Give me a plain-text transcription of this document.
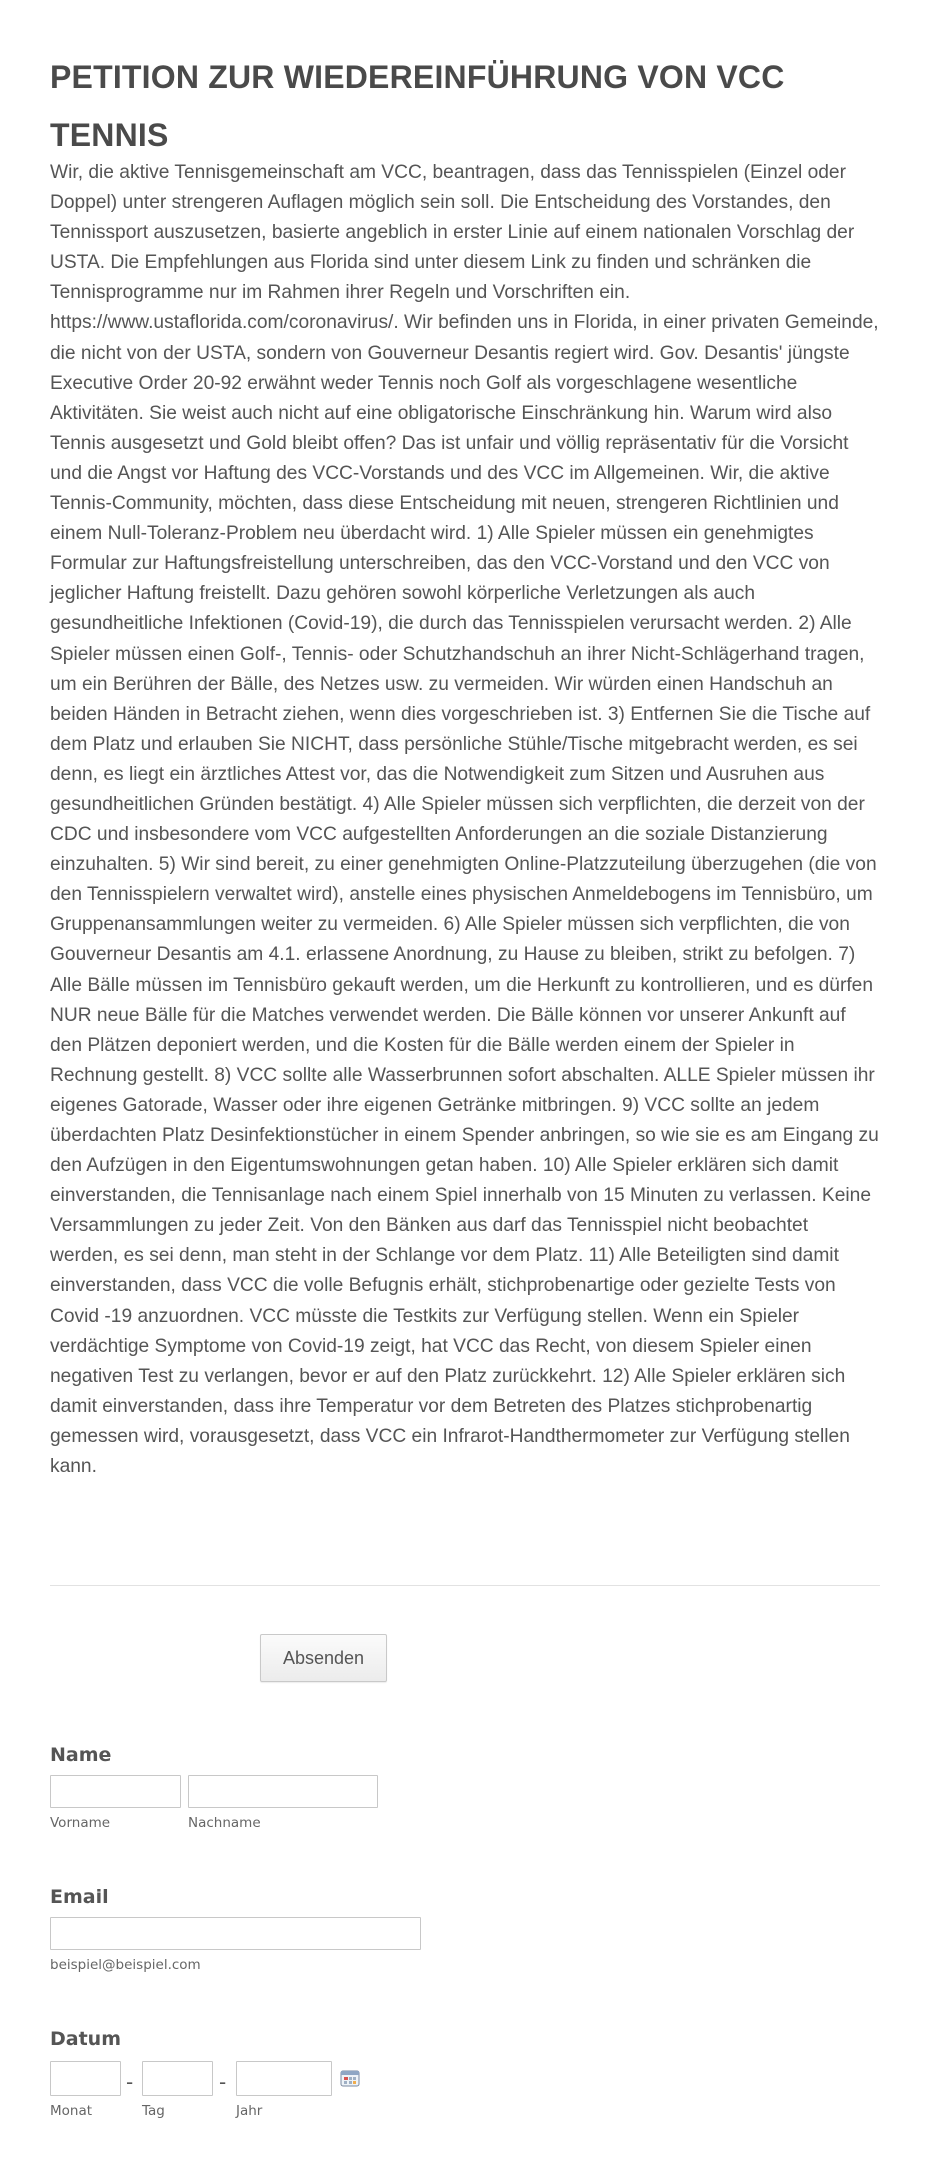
PETITION ZUR WIEDEREINFÜHRUNG VON VCC TENNIS

Wir, die aktive Tennisgemeinschaft am VCC, beantragen, dass das Tennisspielen (Einzel oder Doppel) unter strengeren Auflagen möglich sein soll. Die Entscheidung des Vorstandes, den Tennissport auszusetzen, basierte angeblich in erster Linie auf einem nationalen Vorschlag der USTA. Die Empfehlungen aus Florida sind unter diesem Link zu finden und schränken die Tennisprogramme nur im Rahmen ihrer Regeln und Vorschriften ein. https://www.ustaflorida.com/coronavirus/. Wir befinden uns in Florida, in einer privaten Gemeinde, die nicht von der USTA, sondern von Gouverneur Desantis regiert wird. Gov. Desantis' jüngste Executive Order 20-92 erwähnt weder Tennis noch Golf als vorgeschlagene wesentliche Aktivitäten. Sie weist auch nicht auf eine obligatorische Einschränkung hin. Warum wird also Tennis ausgesetzt und Gold bleibt offen? Das ist unfair und völlig repräsentativ für die Vorsicht und die Angst vor Haftung des VCC-Vorstands und des VCC im Allgemeinen. Wir, die aktive Tennis-Community, möchten, dass diese Entscheidung mit neuen, strengeren Richtlinien und einem Null-Toleranz-Problem neu überdacht wird. 1) Alle Spieler müssen ein genehmigtes Formular zur Haftungsfreistellung unterschreiben, das den VCC-Vorstand und den VCC von jeglicher Haftung freistellt. Dazu gehören sowohl körperliche Verletzungen als auch gesundheitliche Infektionen (Covid-19), die durch das Tennisspielen verursacht werden. 2) Alle Spieler müssen einen Golf-, Tennis- oder Schutzhandschuh an ihrer Nicht-Schlägerhand tragen, um ein Berühren der Bälle, des Netzes usw. zu vermeiden. Wir würden einen Handschuh an beiden Händen in Betracht ziehen, wenn dies vorgeschrieben ist. 3) Entfernen Sie die Tische auf dem Platz und erlauben Sie NICHT, dass persönliche Stühle/Tische mitgebracht werden, es sei denn, es liegt ein ärztliches Attest vor, das die Notwendigkeit zum Sitzen und Ausruhen aus gesundheitlichen Gründen bestätigt. 4) Alle Spieler müssen sich verpflichten, die derzeit von der CDC und insbesondere vom VCC aufgestellten Anforderungen an die soziale Distanzierung einzuhalten. 5) Wir sind bereit, zu einer genehmigten Online-Platzzuteilung überzugehen (die von den Tennisspielern verwaltet wird), anstelle eines physischen Anmeldebogens im Tennisbüro, um Gruppenansammlungen weiter zu vermeiden. 6) Alle Spieler müssen sich verpflichten, die von Gouverneur Desantis am 4.1. erlassene Anordnung, zu Hause zu bleiben, strikt zu befolgen. 7) Alle Bälle müssen im Tennisbüro gekauft werden, um die Herkunft zu kontrollieren, und es dürfen NUR neue Bälle für die Matches verwendet werden. Die Bälle können vor unserer Ankunft auf den Plätzen deponiert werden, und die Kosten für die Bälle werden einem der Spieler in Rechnung gestellt. 8) VCC sollte alle Wasserbrunnen sofort abschalten. ALLE Spieler müssen ihr eigenes Gatorade, Wasser oder ihre eigenen Getränke mitbringen. 9) VCC sollte an jedem überdachten Platz Desinfektionstücher in einem Spender anbringen, so wie sie es am Eingang zu den Aufzügen in den Eigentumswohnungen getan haben. 10) Alle Spieler erklären sich damit einverstanden, die Tennisanlage nach einem Spiel innerhalb von 15 Minuten zu verlassen. Keine Versammlungen zu jeder Zeit. Von den Bänken aus darf das Tennisspiel nicht beobachtet werden, es sei denn, man steht in der Schlange vor dem Platz. 11) Alle Beteiligten sind damit einverstanden, dass VCC die volle Befugnis erhält, stichprobenartige oder gezielte Tests von Covid -19 anzuordnen. VCC müsste die Testkits zur Verfügung stellen. Wenn ein Spieler verdächtige Symptome von Covid-19 zeigt, hat VCC das Recht, von diesem Spieler einen negativen Test zu verlangen, bevor er auf den Platz zurückkehrt. 12) Alle Spieler erklären sich damit einverstanden, dass ihre Temperatur vor dem Betreten des Platzes stichprobenartig gemessen wird, vorausgesetzt, dass VCC ein Infrarot-Handthermometer zur Verfügung stellen kann.

Absenden
Name
Vorname	Nachname
Email
beispiel@beispiel.com
Datum
-	-
Monat	Tag	Jahr
